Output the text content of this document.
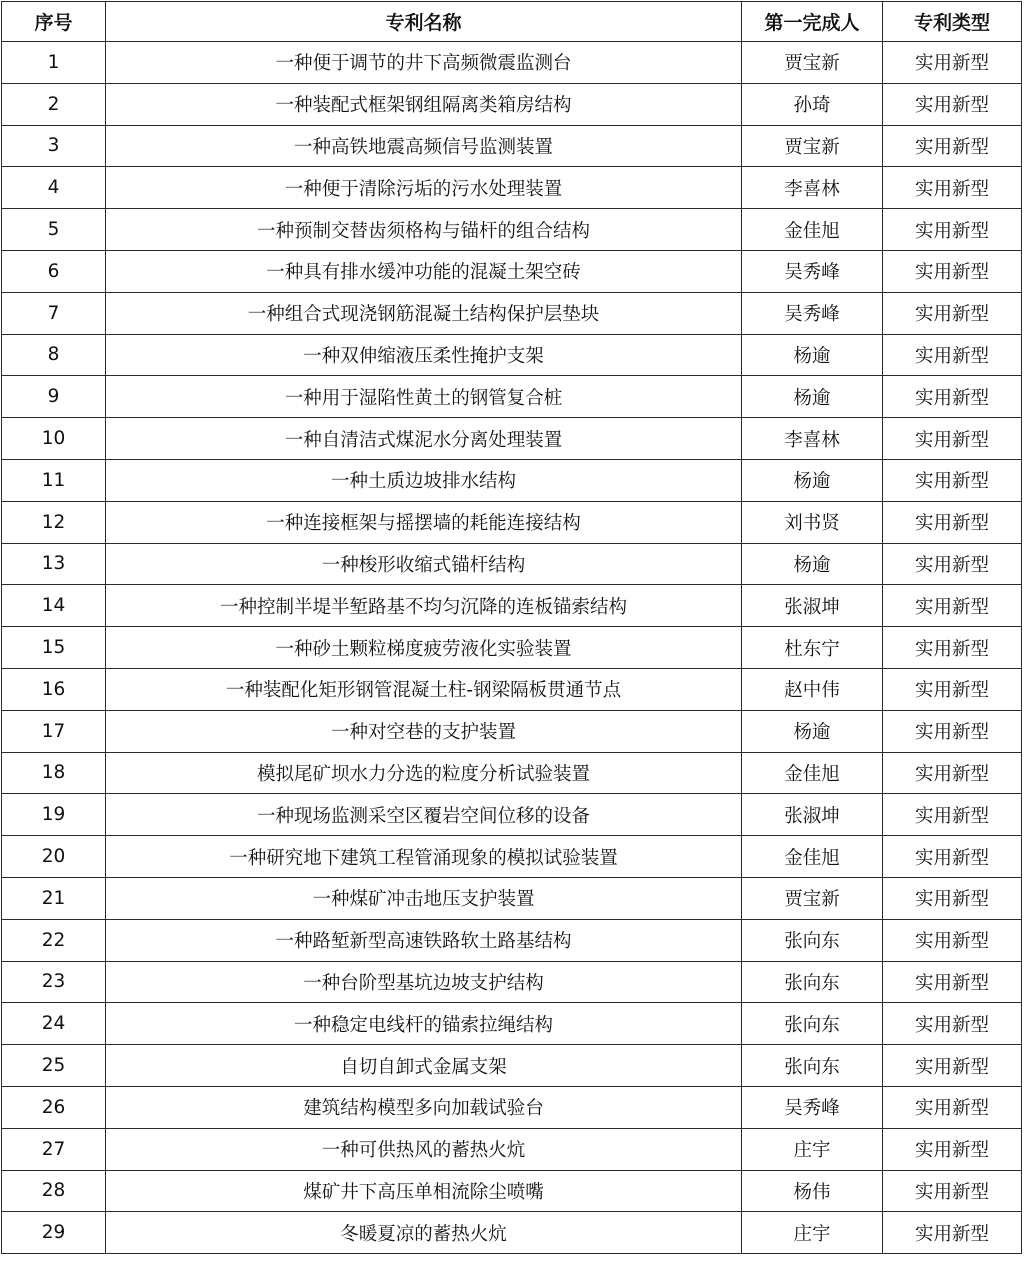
序号	专利名称	第一完成人	专利类型
1	一种便于调节的井下高频微震监测台	贾宝新	实用新型
2	一种装配式框架钢组隔离类箱房结构	孙琦	实用新型
3	一种高铁地震高频信号监测装置	贾宝新	实用新型
4	一种便于清除污垢的污水处理装置	李喜林	实用新型
5	一种预制交替齿须格构与锚杆的组合结构	金佳旭	实用新型
6	一种具有排水缓冲功能的混凝土架空砖	吴秀峰	实用新型
7	一种组合式现浇钢筋混凝土结构保护层垫块	吴秀峰	实用新型
8	一种双伸缩液压柔性掩护支架	杨逾	实用新型
9	一种用于湿陷性黄土的钢管复合桩	杨逾	实用新型
10	一种自清洁式煤泥水分离处理装置	李喜林	实用新型
11	一种土质边坡排水结构	杨逾	实用新型
12	一种连接框架与摇摆墙的耗能连接结构	刘书贤	实用新型
13	一种梭形收缩式锚杆结构	杨逾	实用新型
14	一种控制半堤半堑路基不均匀沉降的连板锚索结构	张淑坤	实用新型
15	一种砂土颗粒梯度疲劳液化实验装置	杜东宁	实用新型
16	一种装配化矩形钢管混凝土柱-钢梁隔板贯通节点	赵中伟	实用新型
17	一种对空巷的支护装置	杨逾	实用新型
18	模拟尾矿坝水力分选的粒度分析试验装置	金佳旭	实用新型
19	一种现场监测采空区覆岩空间位移的设备	张淑坤	实用新型
20	一种研究地下建筑工程管涌现象的模拟试验装置	金佳旭	实用新型
21	一种煤矿冲击地压支护装置	贾宝新	实用新型
22	一种路堑新型高速铁路软土路基结构	张向东	实用新型
23	一种台阶型基坑边坡支护结构	张向东	实用新型
24	一种稳定电线杆的锚索拉绳结构	张向东	实用新型
25	自切自卸式金属支架	张向东	实用新型
26	建筑结构模型多向加载试验台	吴秀峰	实用新型
27	一种可供热风的蓄热火炕	庄宇	实用新型
28	煤矿井下高压单相流除尘喷嘴	杨伟	实用新型
29	冬暖夏凉的蓄热火炕	庄宇	实用新型
